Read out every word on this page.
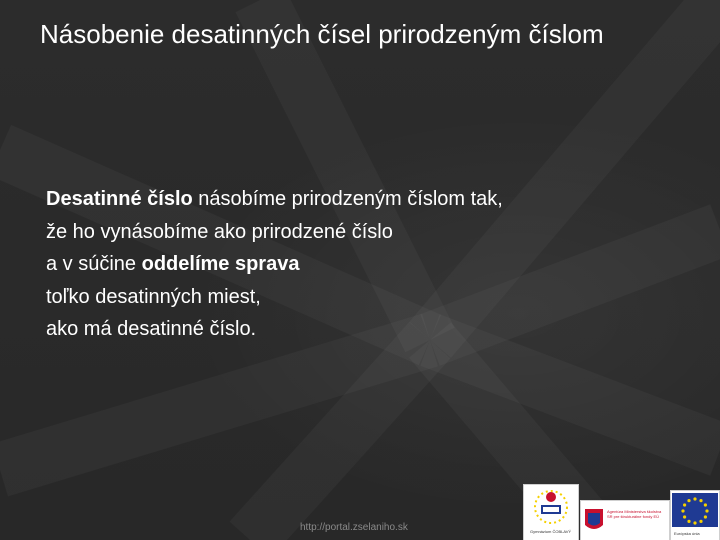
Násobenie desatinných čísel prirodzeným číslom
Desatinné číslo násobíme prirodzeným číslom tak,
že ho vynásobíme ako prirodzené číslo
a v súčine oddelíme sprava
toľko desatinných miest,
ako má desatinné číslo.
http://portal.zselaniho.sk	Gymnázium ČOBLAVÝ
Agentúra Ministerstva školstva SR pre štrukturálne fondy EÚ
Európska únia
